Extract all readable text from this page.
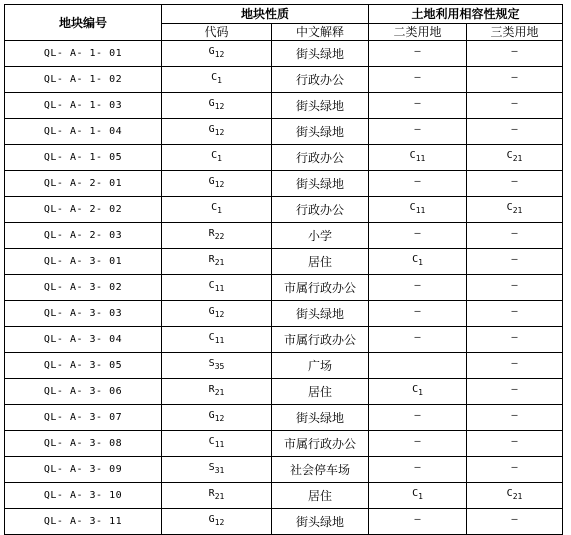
地块编号	地块性质		土地利用相容性规定	
	代码	中文解释	二类用地	三类用地
QL- A- 1- 01	$G_{12}$	街头绿地	–	–
QL- A- 1- 02	$C_1$	行政办公	–	–
QL- A- 1- 03	$G_{12}$	街头绿地	–	–
QL- A- 1- 04	$G_{12}$	街头绿地	–	–
QL- A- 1- 05	$C_1$	行政办公	$C_{11}$	$C_{21}$
QL- A- 2- 01	$G_{12}$	街头绿地	–	–
QL- A- 2- 02	$C_1$	行政办公	$C_{11}$	$C_{21}$
QL- A- 2- 03	$R_{22}$	小学	–	–
QL- A- 3- 01	$R_{21}$	居住	$C_1$	–
QL- A- 3- 02	$C_{11}$	市属行政办公	–	–
QL- A- 3- 03	$G_{12}$	街头绿地	–	–
QL- A- 3- 04	$C_{11}$	市属行政办公	–	–
QL- A- 3- 05	$S_{35}$	广场		–
QL- A- 3- 06	$R_{21}$	居住	$C_1$	–
QL- A- 3- 07	$G_{12}$	街头绿地	–	–
QL- A- 3- 08	$C_{11}$	市属行政办公	–	–
QL- A- 3- 09	$S_{31}$	社会停车场	–	–
QL- A- 3- 10	$R_{21}$	居住	$C_1$	$C_{21}$
QL- A- 3- 11	$G_{12}$	街头绿地	–	–
